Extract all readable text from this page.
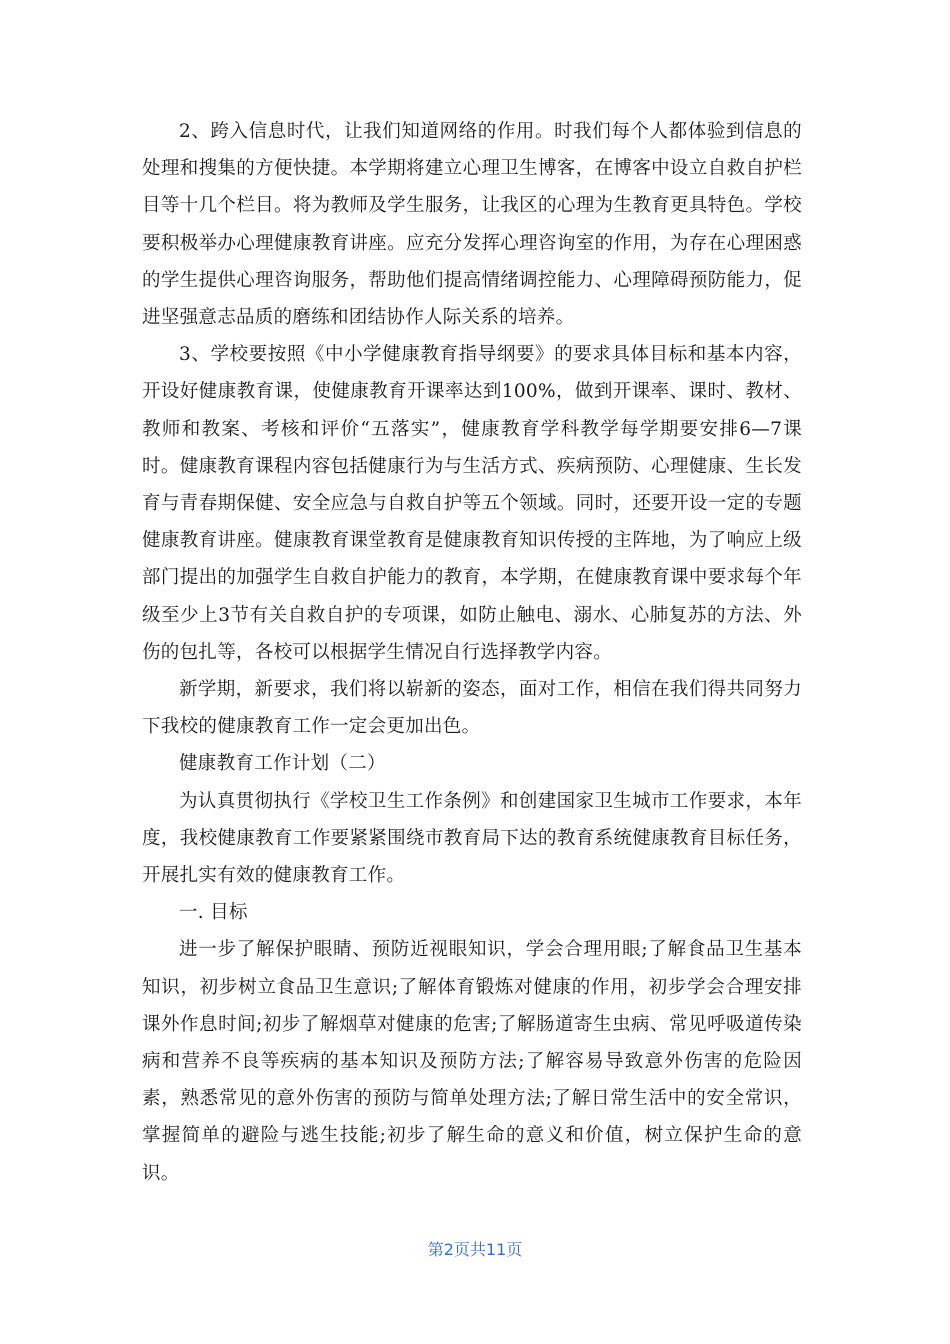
2、跨入信息时代，让我们知道网络的作用。时我们每个人都体验到信息的处理和搜集的方便快捷。本学期将建立心理卫生博客，在博客中设立自救自护栏目等十几个栏目。将为教师及学生服务，让我区的心理为生教育更具特色。学校要积极举办心理健康教育讲座。应充分发挥心理咨询室的作用，为存在心理困惑的学生提供心理咨询服务，帮助他们提高情绪调控能力、心理障碍预防能力，促进坚强意志品质的磨练和团结协作人际关系的培养。

3、学校要按照《中小学健康教育指导纲要》的要求具体目标和基本内容，开设好健康教育课，使健康教育开课率达到100%，做到开课率、课时、教材、教师和教案、考核和评价“五落实”，健康教育学科教学每学期要安排6—7课时。健康教育课程内容包括健康行为与生活方式、疾病预防、心理健康、生长发育与青春期保健、安全应急与自救自护等五个领域。同时，还要开设一定的专题健康教育讲座。健康教育课堂教育是健康教育知识传授的主阵地，为了响应上级部门提出的加强学生自救自护能力的教育，本学期，在健康教育课中要求每个年级至少上3节有关自救自护的专项课，如防止触电、溺水、心肺复苏的方法、外伤的包扎等，各校可以根据学生情况自行选择教学内容。

新学期，新要求，我们将以崭新的姿态，面对工作，相信在我们得共同努力下我校的健康教育工作一定会更加出色。

健康教育工作计划（二）

为认真贯彻执行《学校卫生工作条例》和创建国家卫生城市工作要求，本年度，我校健康教育工作要紧紧围绕市教育局下达的教育系统健康教育目标任务，开展扎实有效的健康教育工作。

一. 目标

进一步了解保护眼睛、预防近视眼知识，学会合理用眼;了解食品卫生基本知识，初步树立食品卫生意识;了解体育锻炼对健康的作用，初步学会合理安排课外作息时间;初步了解烟草对健康的危害;了解肠道寄生虫病、常见呼吸道传染病和营养不良等疾病的基本知识及预防方法;了解容易导致意外伤害的危险因素，熟悉常见的意外伤害的预防与简单处理方法;了解日常生活中的安全常识，掌握简单的避险与逃生技能;初步了解生命的意义和价值，树立保护生命的意识。

第2页共11页
